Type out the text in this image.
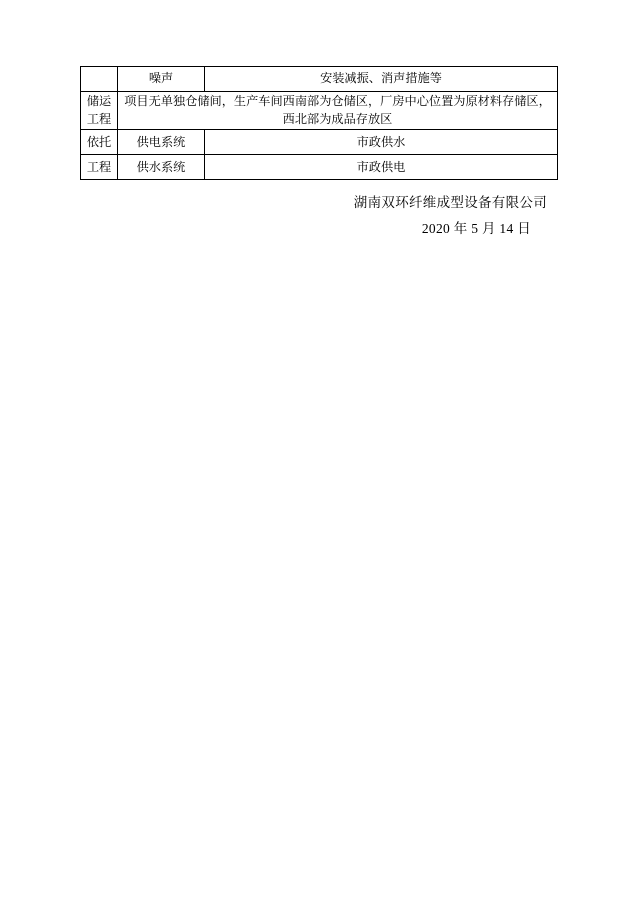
	噪声	安装减振、消声措施等

储运
工程	项目无单独仓储间，生产车间西南部为仓储区，厂房中心位置为原材料存储区，西北部为成品存放区	
依托	供电系统	市政供水
工程	供水系统	市政供电
湖南双环纤维成型设备有限公司
2020 年 5 月 14 日
